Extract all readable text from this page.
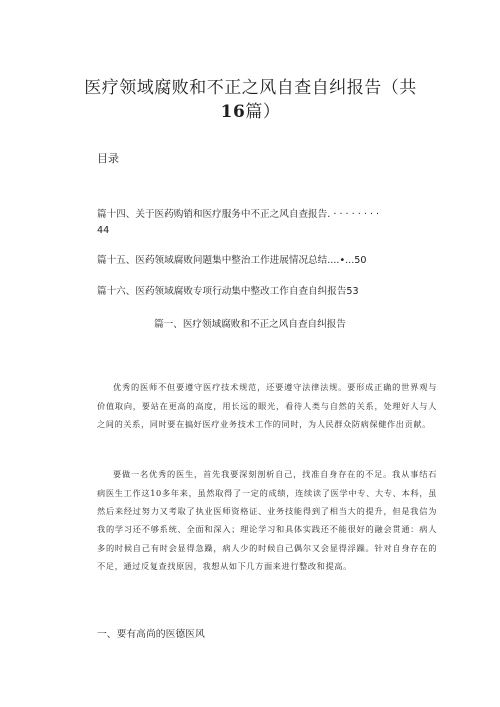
医疗领域腐败和不正之风自查自纠报告（共
16篇）
目录
篇十四、关于医药购销和医疗服务中不正之风自查报告. · · · · · · · ·
44
篇十五、医药领域腐败问题集中整治工作进展情况总结....•...50
篇十六、医药领域腐败专项行动集中整改工作自查自纠报告53
篇一、医疗领域腐败和不正之风自查自纠报告

优秀的医师不但要遵守医疗技术规范，还要遵守法律法规。要形成正确的世界观与价值取向，要站在更高的高度，用长远的眼光，看待人类与自然的关系，处理好人与人之间的关系，同时要在搞好医疗业务技术工作的同时，为人民群众防病保健作出贡献。

要做一名优秀的医生，首先我要深刻剖析自己，找准自身存在的不足。我从事结石病医生工作这10多年来，虽然取得了一定的成绩，连续读了医学中专、大专、本科，虽然后来经过努力又考取了执业医师资格证、业务技能得到了相当大的提升，但是我信为我的学习还不够系统、全面和深入；理论学习和具体实践还不能很好的融会贯通：病人多的时候自己有时会显得急躁，病人少的时候自己偶尔又会显得浮躁。针对自身存在的不足，通过反复查找原因，我想从如下几方面来进行整改和提高。

一、要有高尚的医德医风
